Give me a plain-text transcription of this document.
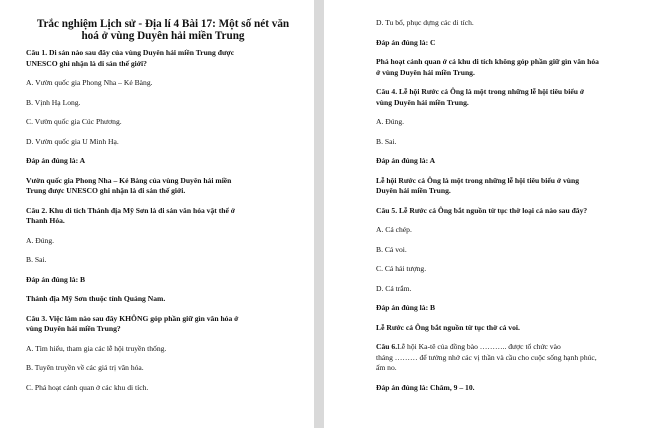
Trắc nghiệm Lịch sử - Địa lí 4 Bài 17: Một số nét văn
hoá ở vùng Duyên hải miền Trung

Câu 1. Di sản nào sau đây của vùng Duyên hải miền Trung được

UNESCO ghi nhận là di sản thế giới?

A. Vườn quốc gia Phong Nha – Kẻ Bàng.

B. Vịnh Hạ Long.

C. Vườn quốc gia Cúc Phương.

D. Vườn quốc gia U Minh Hạ.

Đáp án đúng là: A

Vườn quốc gia Phong Nha – Kẻ Bàng của vùng Duyên hải miền

Trung được UNESCO ghi nhận là di sản thế giới.

Câu 2. Khu di tích Thánh địa Mỹ Sơn là di sản văn hóa vật thể ở

Thanh Hóa.

A. Đúng.

B. Sai.

Đáp án đúng là: B

Thánh địa Mỹ Sơn thuộc tỉnh Quảng Nam.

Câu 3. Việc làm nào sau đây KHÔNG góp phần giữ gìn văn hóa ở

vùng Duyên hải miền Trung?

A. Tìm hiểu, tham gia các lễ hội truyền thống.

B. Tuyên truyền về các giá trị văn hóa.

C. Phá hoạt cảnh quan ở các khu di tích.

D. Tu bổ, phục dựng các di tích.

Đáp án đúng là: C

Phá hoạt cảnh quan ở cả khu di tích không góp phần giữ gìn văn hóa

ở vùng Duyên hải miền Trung.

Câu 4. Lễ hội Rước cá Ông là một trong những lễ hội tiêu biểu ở

vùng Duyên hải miền Trung.

A. Đúng.

B. Sai.

Đáp án đúng là: A

Lễ hội Rước cá Ông là một trong những lễ hội tiêu biểu ở vùng

Duyên hải miền Trung.

Câu 5. Lễ Rước cá Ông bắt nguồn từ tục thờ loại cá nào sau đây?

A. Cá chép.

B. Cá voi.

C. Cá hải tượng.

D. Cá trắm.

Đáp án đúng là: B

Lễ Rước cá Ông bắt nguồn từ tục thờ cá voi.

Câu 6.Lễ hội Ka-tê của đồng bào ……….. được tổ chức vào

tháng ……… để tưởng nhớ các vị thần và cầu cho cuộc sống hạnh phúc,

ấm no.

Đáp án đúng là: Chăm, 9 – 10.
